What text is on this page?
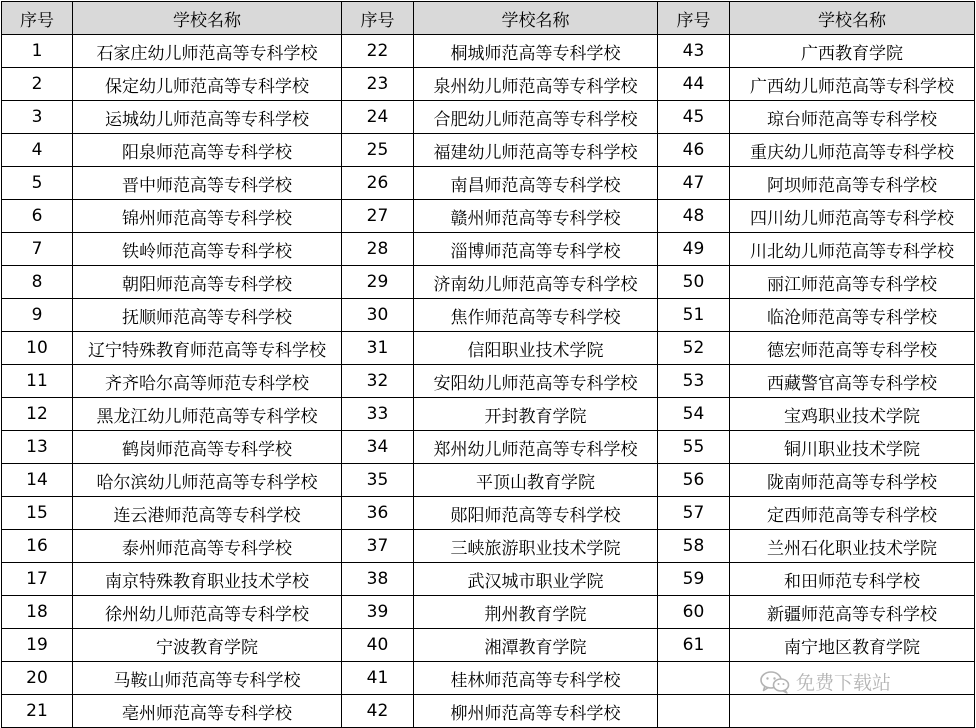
序号	学校名称	序号	学校名称	序号	学校名称
1	石家庄幼儿师范高等专科学校	22	桐城师范高等专科学校	43	广西教育学院
2	保定幼儿师范高等专科学校	23	泉州幼儿师范高等专科学校	44	广西幼儿师范高等专科学校
3	运城幼儿师范高等专科学校	24	合肥幼儿师范高等专科学校	45	琼台师范高等专科学校
4	阳泉师范高等专科学校	25	福建幼儿师范高等专科学校	46	重庆幼儿师范高等专科学校
5	晋中师范高等专科学校	26	南昌师范高等专科学校	47	阿坝师范高等专科学校
6	锦州师范高等专科学校	27	赣州师范高等专科学校	48	四川幼儿师范高等专科学校
7	铁岭师范高等专科学校	28	淄博师范高等专科学校	49	川北幼儿师范高等专科学校
8	朝阳师范高等专科学校	29	济南幼儿师范高等专科学校	50	丽江师范高等专科学校
9	抚顺师范高等专科学校	30	焦作师范高等专科学校	51	临沧师范高等专科学校
10	辽宁特殊教育师范高等专科学校	31	信阳职业技术学院	52	德宏师范高等专科学校
11	齐齐哈尔高等师范专科学校	32	安阳幼儿师范高等专科学校	53	西藏警官高等专科学校
12	黑龙江幼儿师范高等专科学校	33	开封教育学院	54	宝鸡职业技术学院
13	鹤岗师范高等专科学校	34	郑州幼儿师范高等专科学校	55	铜川职业技术学院
14	哈尔滨幼儿师范高等专科学校	35	平顶山教育学院	56	陇南师范高等专科学校
15	连云港师范高等专科学校	36	郧阳师范高等专科学校	57	定西师范高等专科学校
16	泰州师范高等专科学校	37	三峡旅游职业技术学院	58	兰州石化职业技术学院
17	南京特殊教育职业技术学校	38	武汉城市职业学院	59	和田师范专科学校
18	徐州幼儿师范高等专科学校	39	荆州教育学院	60	新疆师范高等专科学校
19	宁波教育学院	40	湘潭教育学院	61	南宁地区教育学院
20	马鞍山师范高等专科学校	41	桂林师范高等专科学校		
21	亳州师范高等专科学校	42	柳州师范高等专科学校		
免费下载站
